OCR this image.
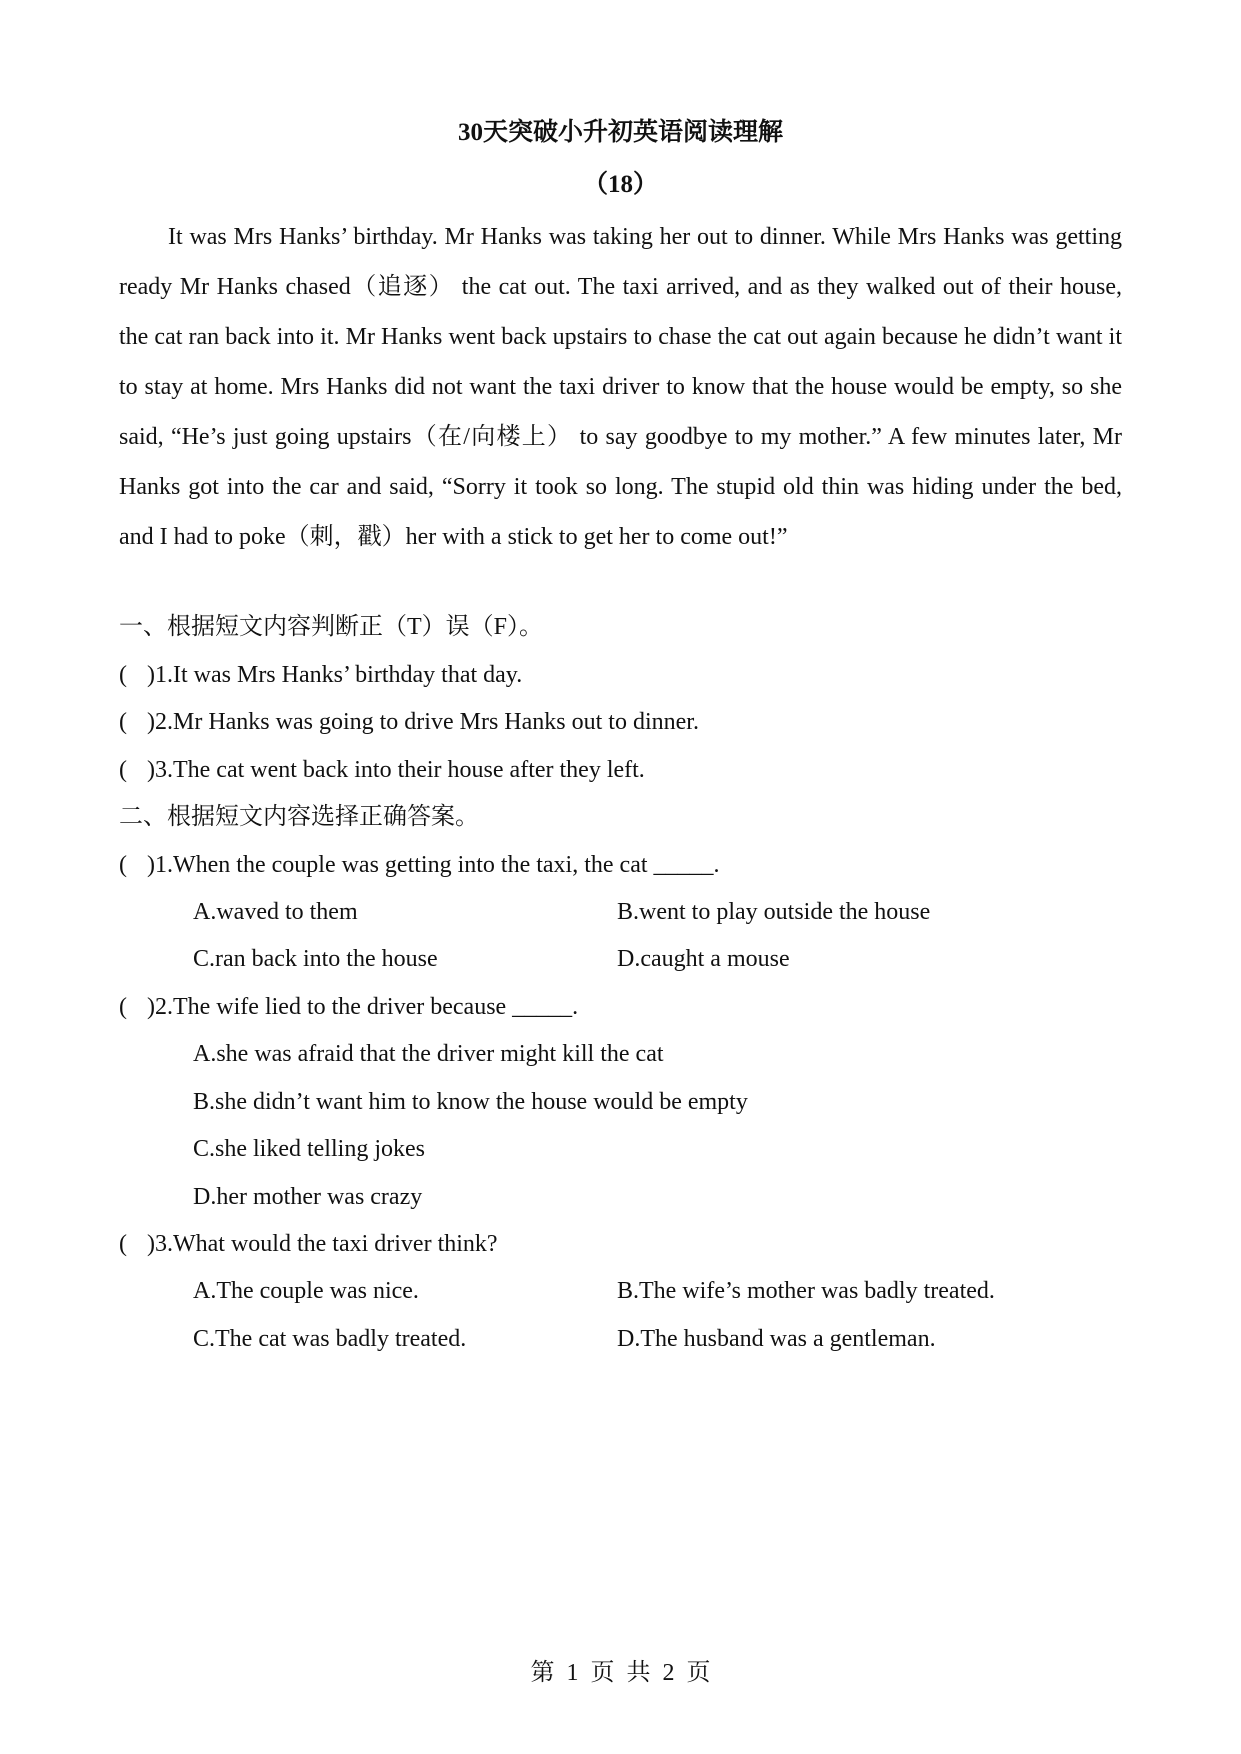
30天突破小升初英语阅读理解
（18）

It was Mrs Hanks’ birthday. Mr Hanks was taking her out to dinner. While Mrs Hanks was getting ready Mr Hanks chased（追逐） the cat out. The taxi arrived, and as they walked out of their house, the cat ran back into it. Mr Hanks went back upstairs to chase the cat out again because he didn’t want it to stay at home. Mrs Hanks did not want the taxi driver to know that the house would be empty, so she said, “He’s just going upstairs（在/向楼上） to say goodbye to my mother.” A few minutes later, Mr Hanks got into the car and said, “Sorry it took so long. The stupid old thin was hiding under the bed, and I had to poke（刺，戳）her with a stick to get her to come out!”

一、根据短文内容判断正（T）误（F）。
( )1.It was Mrs Hanks’ birthday that day.
( )2.Mr Hanks was going to drive Mrs Hanks out to dinner.
( )3.The cat went back into their house after they left.
二、根据短文内容选择正确答案。
( )1.When the couple was getting into the taxi, the cat _____.
A.waved to them	B.went to play outside the house
C.ran back into the house	D.caught a mouse
( )2.The wife lied to the driver because _____.
A.she was afraid that the driver might kill the cat
B.she didn’t want him to know the house would be empty
C.she liked telling jokes
D.her mother was crazy
( )3.What would the taxi driver think?
A.The couple was nice.	B.The wife’s mother was badly treated.
C.The cat was badly treated.	D.The husband was a gentleman.
第 1 页 共 2 页
